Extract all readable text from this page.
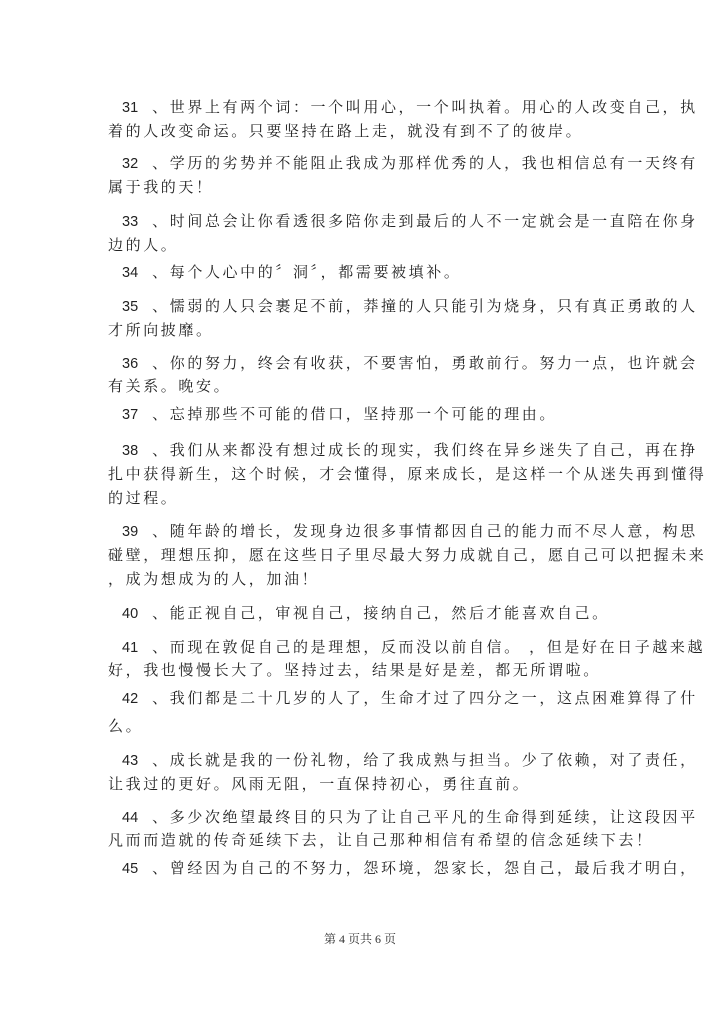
31 、世界上有两个词：一个叫用心，一个叫执着。用心的人改变自己，执
着的人改变命运。只要坚持在路上走，就没有到不了的彼岸。
32 、学历的劣势并不能阻止我成为那样优秀的人，我也相信总有一天终有
属于我的天！
33 、时间总会让你看透很多陪你走到最后的人不一定就会是一直陪在你身
边的人。
34 、每个人心中的〞洞〞，都需要被填补。
35 、懦弱的人只会裹足不前，莽撞的人只能引为烧身，只有真正勇敢的人
才所向披靡。
36 、你的努力，终会有收获，不要害怕，勇敢前行。努力一点，也许就会
有关系。晚安。
37 、忘掉那些不可能的借口，坚持那一个可能的理由。
38 、我们从来都没有想过成长的现实，我们终在异乡迷失了自己，再在挣
扎中获得新生，这个时候，才会懂得，原来成长，是这样一个从迷失再到懂得
的过程。
39 、随年龄的增长，发现身边很多事情都因自己的能力而不尽人意，构思
碰壁，理想压抑，愿在这些日子里尽最大努力成就自己，愿自己可以把握未来
，成为想成为的人，加油！
40 、能正视自己，审视自己，接纳自己，然后才能喜欢自己。
41 、而现在敦促自己的是理想，反而没以前自信。 ，但是好在日子越来越
好，我也慢慢长大了。坚持过去，结果是好是差，都无所谓啦。
42 、我们都是二十几岁的人了，生命才过了四分之一，这点困难算得了什
么。
43 、成长就是我的一份礼物，给了我成熟与担当。少了依赖，对了责任，
让我过的更好。风雨无阻，一直保持初心，勇往直前。
44 、多少次绝望最终目的只为了让自己平凡的生命得到延续，让这段因平
凡而而造就的传奇延续下去，让自己那种相信有希望的信念延续下去！
45 、曾经因为自己的不努力，怨环境，怨家长，怨自己，最后我才明白，
第 4 页共 6 页
